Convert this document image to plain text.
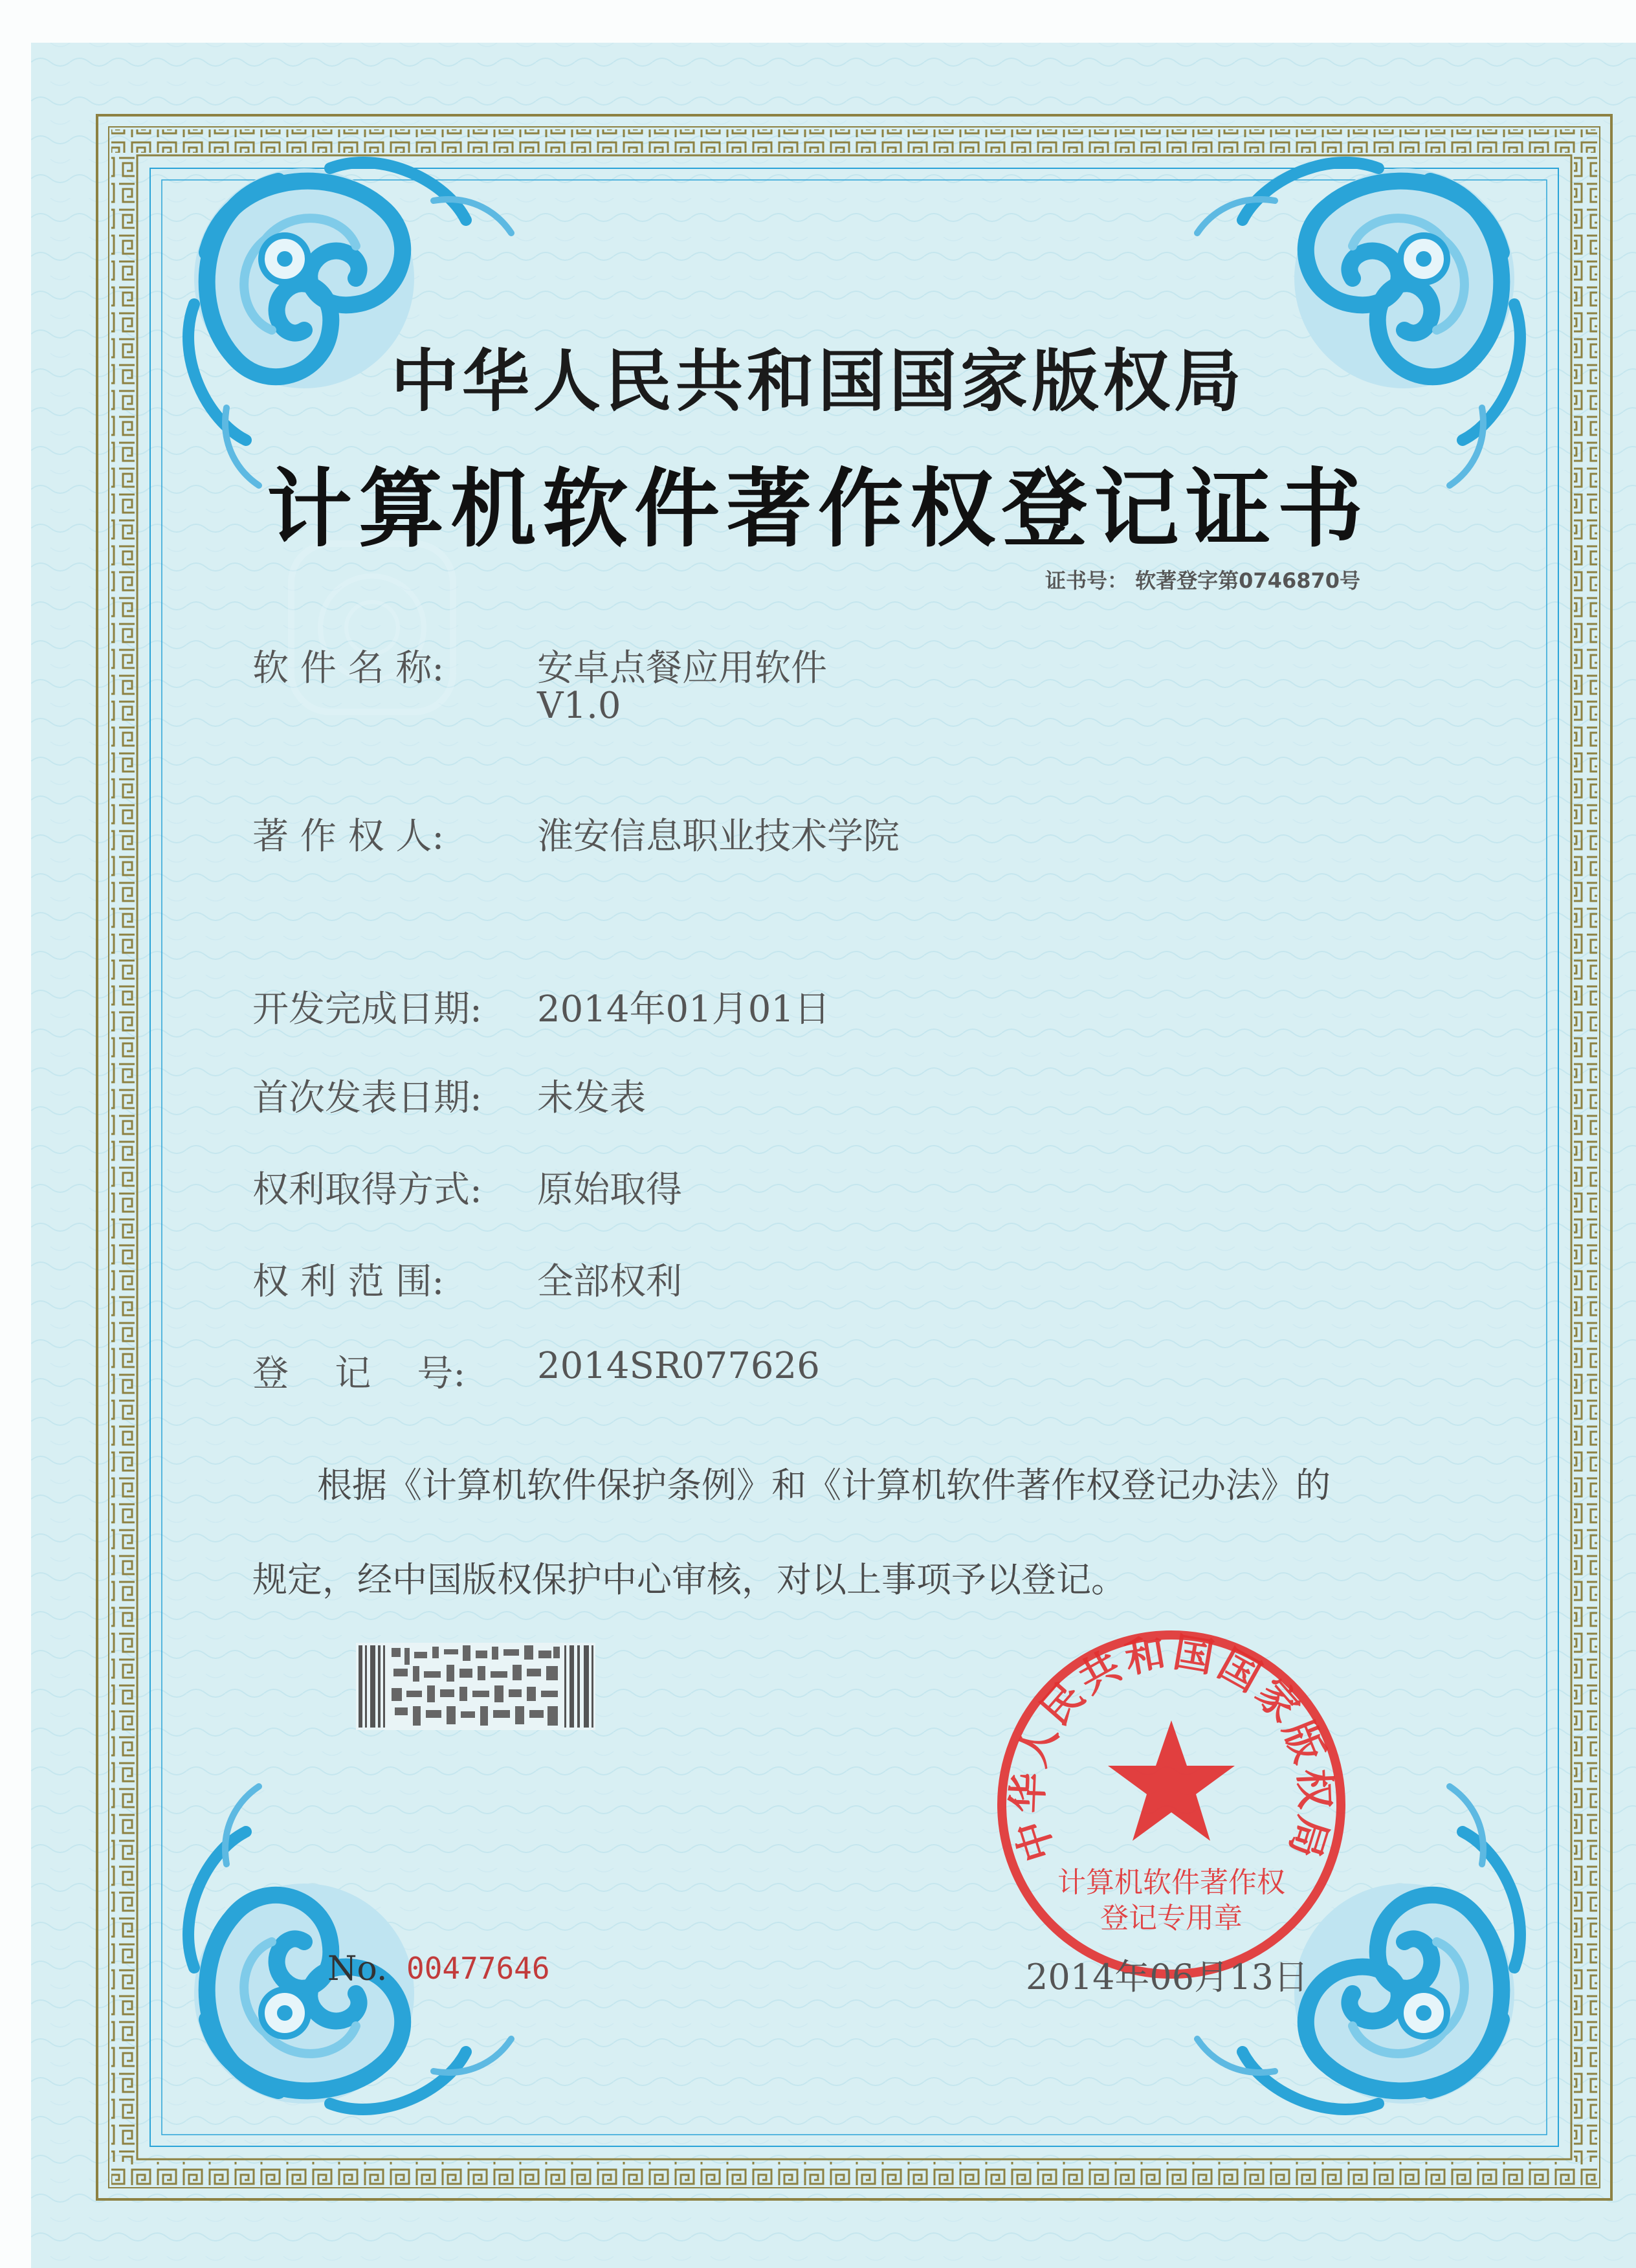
中华人民共和国国家版权局
计算机软件著作权登记证书
证书号： 软著登字第0746870号
软 件 名 称:	安卓点餐应用软件
V1.0
著 作 权 人:	淮安信息职业技术学院
开发完成日期: 2014年01月01日
首次发表日期: 未发表
权利取得方式: 原始取得
权 利 范 围:	全部权利
登    记    号: 2014SR077626
根据《计算机软件保护条例》和《计算机软件著作权登记办法》的
规定，经中国版权保护中心审核，对以上事项予以登记。
中华人民共和国国家版权局
计算机软件著作权
登记专用章
No. 00477646	2014年06月13日
